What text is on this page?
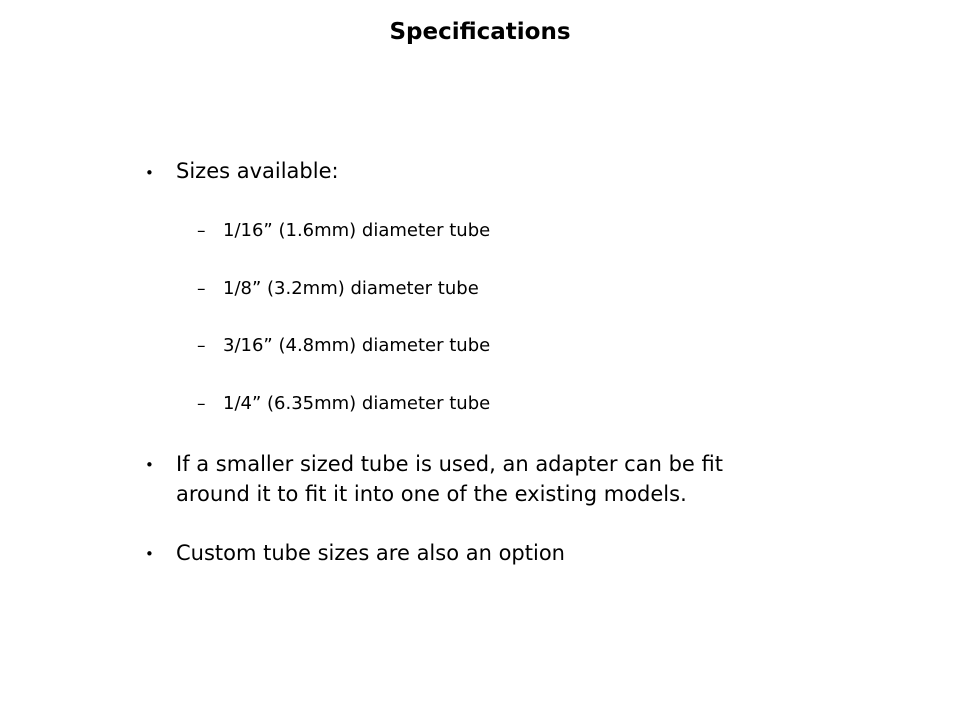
Specifications
• Sizes available:
– 1/16” (1.6mm) diameter tube
– 1/8” (3.2mm) diameter tube
– 3/16” (4.8mm) diameter tube
– 1/4” (6.35mm) diameter tube
• If a smaller sized tube is used, an adapter can be fit
around it to fit it into one of the existing models.
• Custom tube sizes are also an option
